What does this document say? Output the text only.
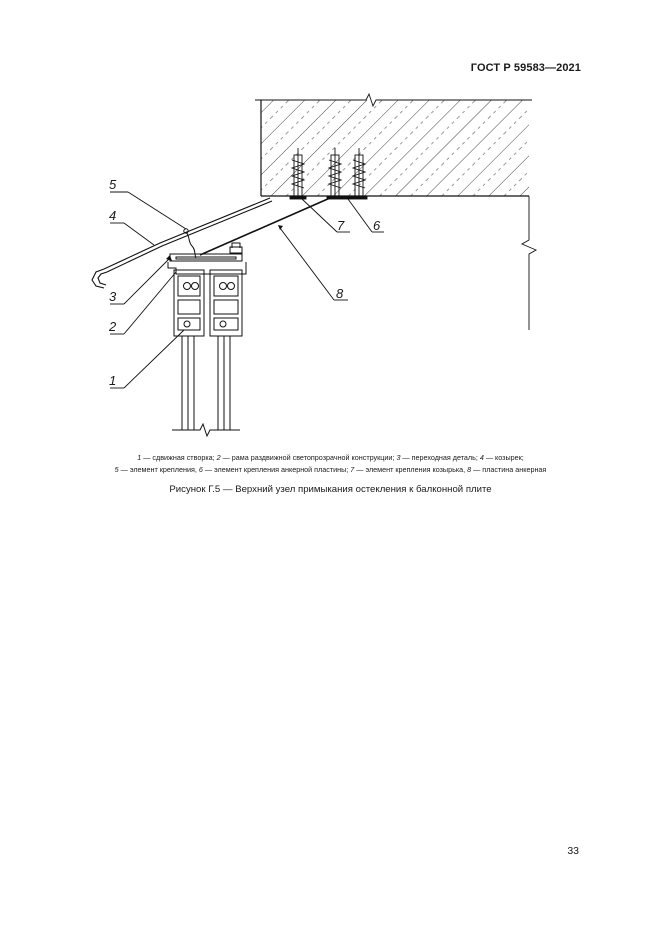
ГОСТ Р 59583—2021
5
4
3
2
1
7 6
8
1 — сдвижная створка; 2 — рама раздвижной светопрозрачной конструкции; 3 — переходная деталь; 4 — козырек;
5 — элемент крепления, 6 — элемент крепления анкерной пластины; 7 — элемент крепления козырька, 8 — пластина анкерная
Рисунок Г.5 — Верхний узел примыкания остекления к балконной плите
33
